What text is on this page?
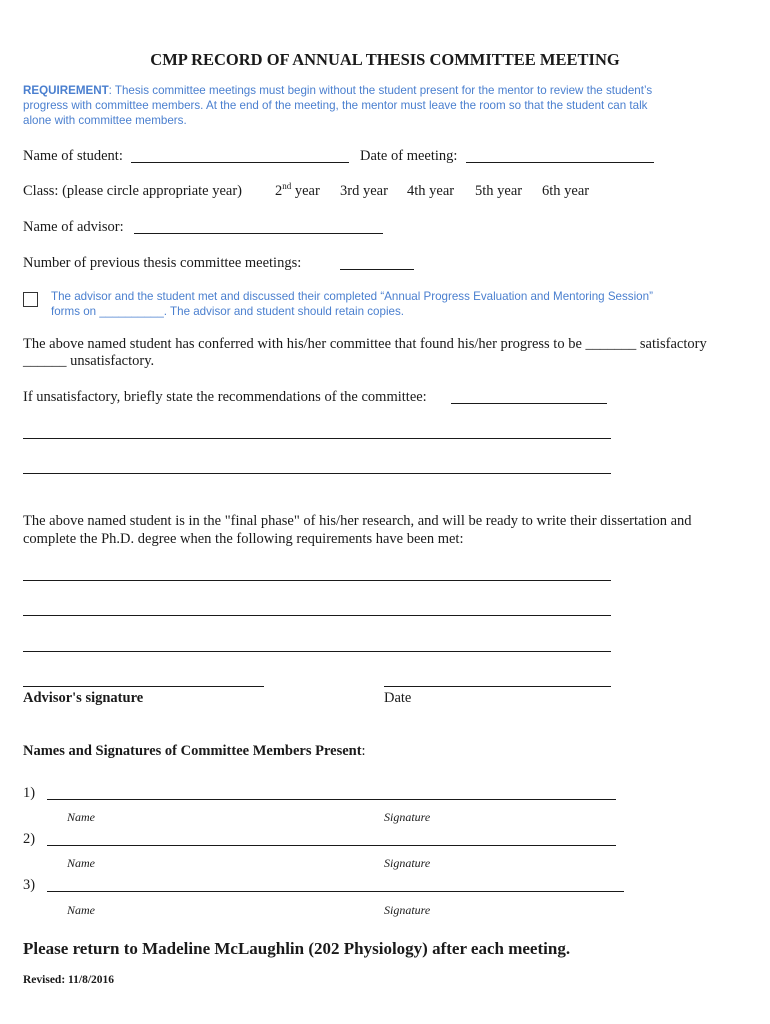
CMP RECORD OF ANNUAL THESIS COMMITTEE MEETING
REQUIREMENT: Thesis committee meetings must begin without the student present for the mentor to review the student’s
progress with committee members. At the end of the meeting, the mentor must leave the room so that the student can talk
alone with committee members.
Name of student:	Date of meeting:
Class: (please circle appropriate year) 2nd year 3rd year 4th year 5th year 6th year
Name of advisor:
Number of previous thesis committee meetings:
The advisor and the student met and discussed their completed “Annual Progress Evaluation and Mentoring Session”
forms on __________. The advisor and student should retain copies.
The above named student has conferred with his/her committee that found his/her progress to be _______ satisfactory
______ unsatisfactory.
If unsatisfactory, briefly state the recommendations of the committee:
The above named student is in the "final phase" of his/her research, and will be ready to write their dissertation and
complete the Ph.D. degree when the following requirements have been met:
Advisor's signature	Date
Names and Signatures of Committee Members Present:
1)
Name	Signature
2)
Name	Signature
3)
Name	Signature
Please return to Madeline McLaughlin (202 Physiology) after each meeting.
Revised: 11/8/2016
